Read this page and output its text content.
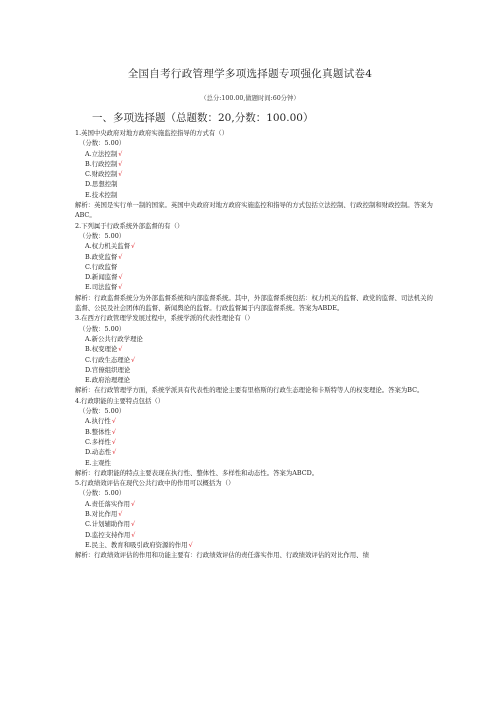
全国自考行政管理学多项选择题专项强化真题试卷4
（总分:100.00,做题时间:60分钟）
一、多项选择题（总题数：20,分数：100.00）
1.英国中央政府对地方政府实施监控指导的方式有（）
（分数：5.00）
A.立法控制√
B.行政控制√
C.财政控制√
D.思想控制
E.技术控制
解析：英国是实行单一制的国家。英国中央政府对地方政府实施监控和指导的方式包括立法控制、行政控制和财政控制。答案为ABC。
2.下列属于行政系统外部监督的有（）
（分数：5.00）
A.权力机关监督√
B.政党监督√
C.行政监督
D.新闻监督√
E.司法监督√
解析：行政监督系统分为外部监督系统和内部监督系统。其中，外部监督系统包括：权力机关的监督、政党的监督、司法机关的监督、公民及社会团体的监督、新闻舆论的监督。行政监督属于内部监督系统。答案为ABDE。
3.在西方行政管理学发展过程中，系统学派的代表性理论有（）
（分数：5.00）
A.新公共行政学理论
B.权变理论√
C.行政生态理论√
D.官僚组织理论
E.政府治理理论
解析：在行政管理学方面，系统学派具有代表性的理论主要有里格斯的行政生态理论和卡斯特等人的权变理论。答案为BC。
4.行政职能的主要特点包括（）
（分数：5.00）
A.执行性√
B.整体性√
C.多样性√
D.动态性√
E.主观性
解析：行政职能的特点主要表现在执行性、整体性、多样性和动态性。答案为ABCD。
5.行政绩效评估在现代公共行政中的作用可以概括为（）
（分数：5.00）
A.责任落实作用√
B.对比作用√
C.计划辅助作用√
D.监控支持作用√
E.民主、教育和吸引政府资源的作用√
解析：行政绩效评估的作用和功能主要有：行政绩效评估的责任落实作用、行政绩效评估的对比作用、绩
